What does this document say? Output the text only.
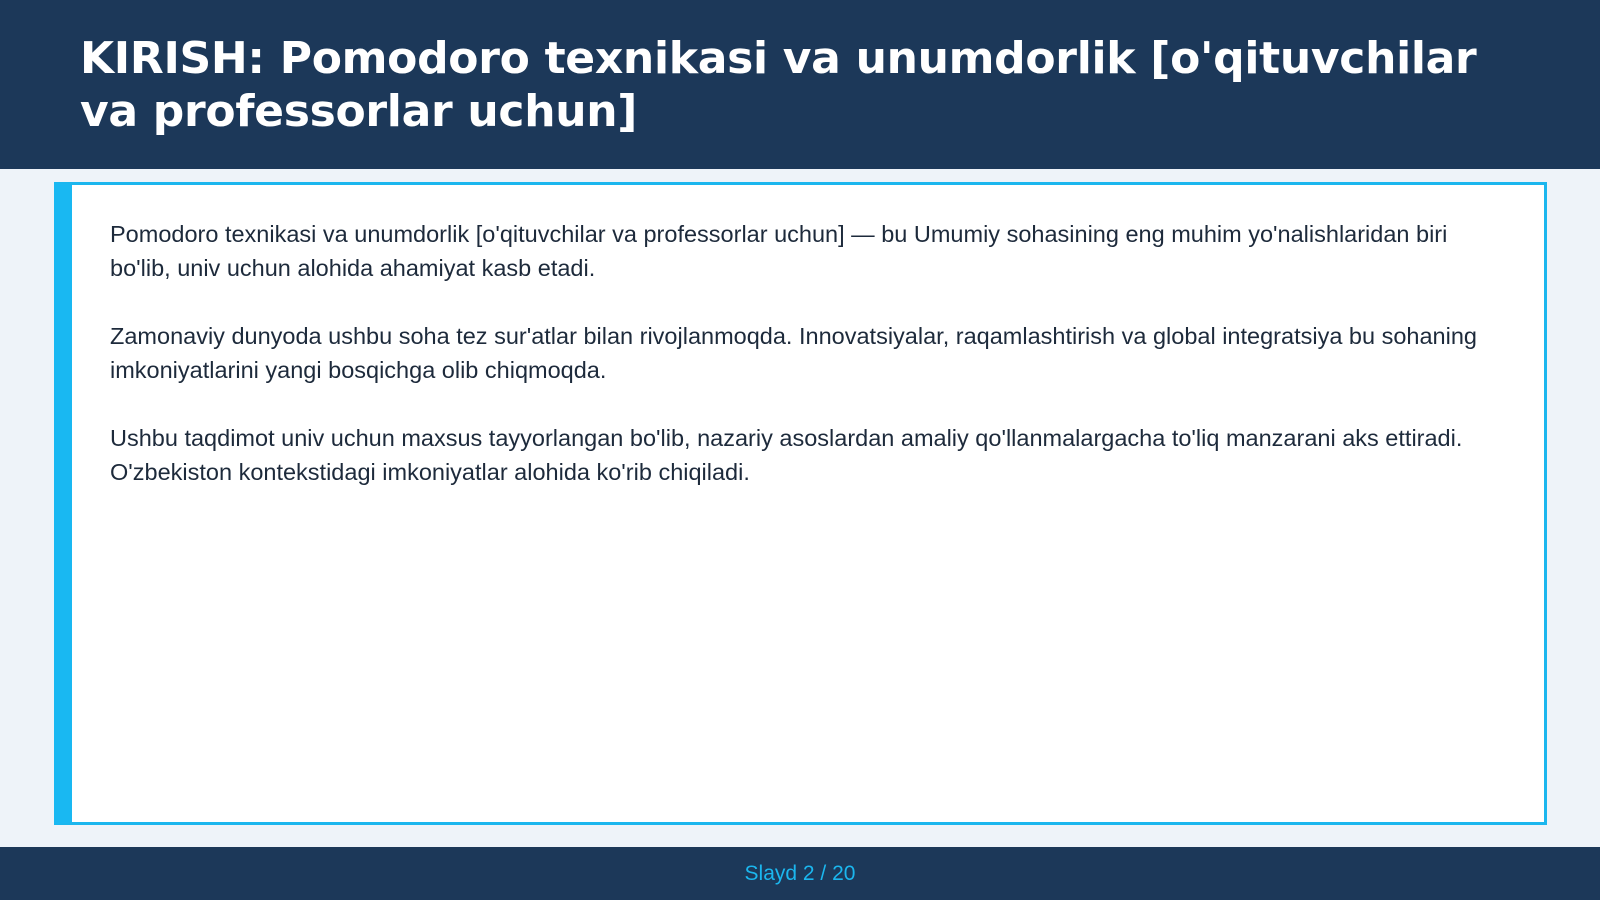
KIRISH: Pomodoro texnikasi va unumdorlik [o'qituvchilar va professorlar uchun]

Pomodoro texnikasi va unumdorlik [o'qituvchilar va professorlar uchun] — bu Umumiy sohasining eng muhim yo'nalishlaridan biri bo'lib, univ uchun alohida ahamiyat kasb etadi.

Zamonaviy dunyoda ushbu soha tez sur'atlar bilan rivojlanmoqda. Innovatsiyalar, raqamlashtirish va global integratsiya bu sohaning imkoniyatlarini yangi bosqichga olib chiqmoqda.

Ushbu taqdimot univ uchun maxsus tayyorlangan bo'lib, nazariy asoslardan amaliy qo'llanmalargacha to'liq manzarani aks ettiradi. O'zbekiston kontekstidagi imkoniyatlar alohida ko'rib chiqiladi.

Slayd 2 / 20
